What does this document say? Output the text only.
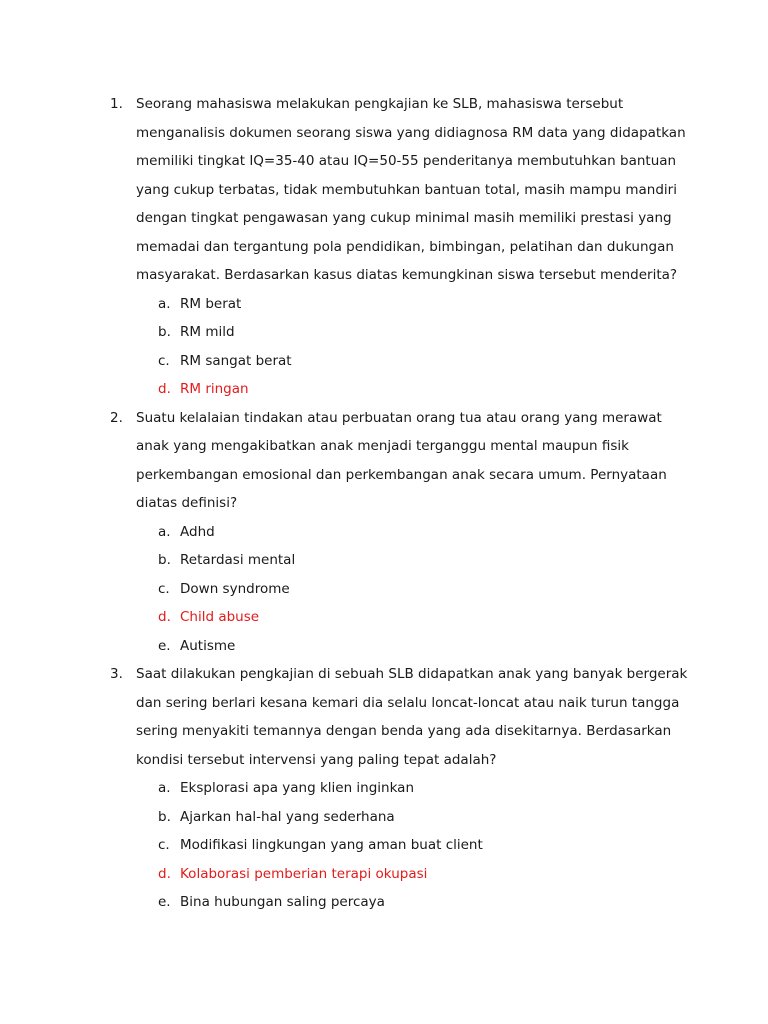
1. Seorang mahasiswa melakukan pengkajian ke SLB, mahasiswa tersebut menganalisis dokumen seorang siswa yang didiagnosa RM data yang didapatkan memiliki tingkat IQ=35-40 atau IQ=50-55 penderitanya membutuhkan bantuan yang cukup terbatas, tidak membutuhkan bantuan total, masih mampu mandiri dengan tingkat pengawasan yang cukup minimal masih memiliki prestasi yang memadai dan tergantung pola pendidikan, bimbingan, pelatihan dan dukungan masyarakat. Berdasarkan kasus diatas kemungkinan siswa tersebut menderita?
a. RM berat
b. RM mild
c. RM sangat berat
d. RM ringan
2. Suatu kelalaian tindakan atau perbuatan orang tua atau orang yang merawat anak yang mengakibatkan anak menjadi terganggu mental maupun fisik perkembangan emosional dan perkembangan anak secara umum. Pernyataan diatas definisi?
a. Adhd
b. Retardasi mental
c. Down syndrome
d. Child abuse
e. Autisme
3. Saat dilakukan pengkajian di sebuah SLB didapatkan anak yang banyak bergerak dan sering berlari kesana kemari dia selalu loncat-loncat atau naik turun tangga sering menyakiti temannya dengan benda yang ada disekitarnya. Berdasarkan kondisi tersebut intervensi yang paling tepat adalah?
a. Eksplorasi apa yang klien inginkan
b. Ajarkan hal-hal yang sederhana
c. Modifikasi lingkungan yang aman buat client
d. Kolaborasi pemberian terapi okupasi
e. Bina hubungan saling percaya
